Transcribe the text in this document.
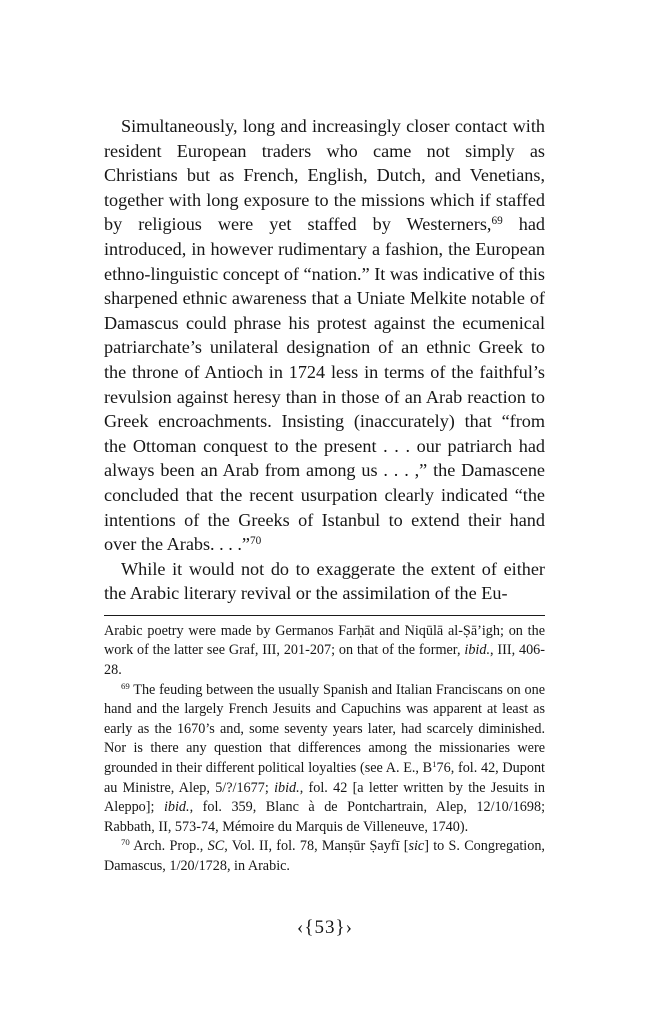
Simultaneously, long and increasingly closer contact with resident European traders who came not simply as Christians but as French, English, Dutch, and Venetians, together with long exposure to the missions which if staffed by religious were yet staffed by Westerners,$^{69}$ had introduced, in however rudimentary a fashion, the European ethno-linguistic concept of “nation.” It was indicative of this sharpened ethnic awareness that a Uniate Melkite notable of Damascus could phrase his protest against the ecumenical patriarchate’s unilateral designation of an ethnic Greek to the throne of Antioch in 1724 less in terms of the faithful’s revulsion against heresy than in those of an Arab reaction to Greek encroachments. Insisting (inaccurately) that “from the Ottoman conquest to the present . . . our patriarch had always been an Arab from among us . . . ,” the Damascene concluded that the recent usurpation clearly indicated “the intentions of the Greeks of Istanbul to extend their hand over the Arabs. . . .”$^{70}$

While it would not do to exaggerate the extent of either the Arabic literary revival or the assimilation of the Eu-

Arabic poetry were made by Germanos Farḥāt and Niqūlā al-Ṣā’igh; on the work of the latter see Graf, III, 201-207; on that of the former, ibid., III, 406-28.

$^{69}$ The feuding between the usually Spanish and Italian Franciscans on one hand and the largely French Jesuits and Capuchins was apparent at least as early as the 1670’s and, some seventy years later, had scarcely diminished. Nor is there any question that differences among the missionaries were grounded in their different political loyalties (see A. E., $B^176$, fol. 42, Dupont au Ministre, Alep, 5/?/1677; ibid., fol. 42 [a letter written by the Jesuits in Aleppo]; ibid., fol. 359, Blanc à de Pontchartrain, Alep, 12/10/1698; Rabbath, II, 573-74, Mémoire du Marquis de Villeneuve, 1740).

$^{70}$ Arch. Prop., SC, Vol. II, fol. 78, Manṣūr Ṣayfī [sic] to S. Congregation, Damascus, 1/20/1728, in Arabic.

‹{53}›
